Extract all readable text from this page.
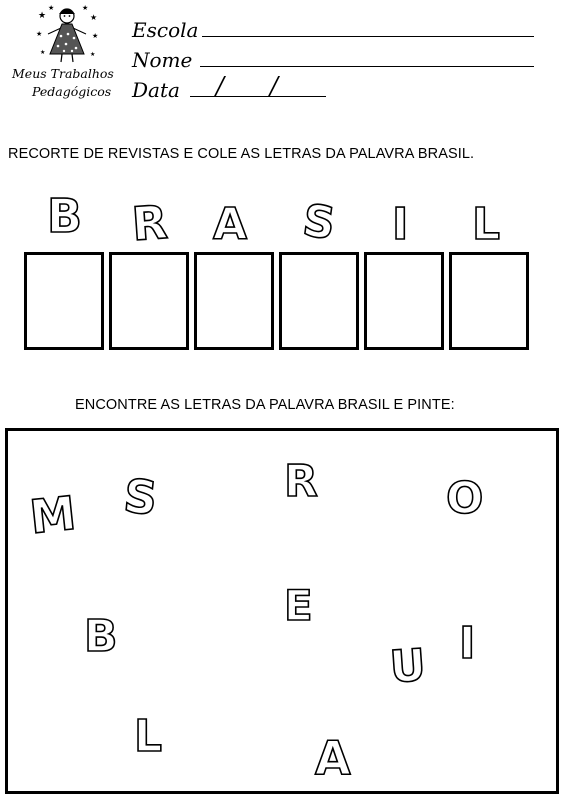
★
★	★
★
★	★
★	★
Meus Trabalhos
Pedagógicos
Escola
Nome
Data / /
RECORTE DE REVISTAS E COLE AS LETRAS DA PALAVRA BRASIL.
B R A S I L
ENCONTRE AS LETRAS DA PALAVRA BRASIL E PINTE:
M S	R	O
B
E
U I
L	A
